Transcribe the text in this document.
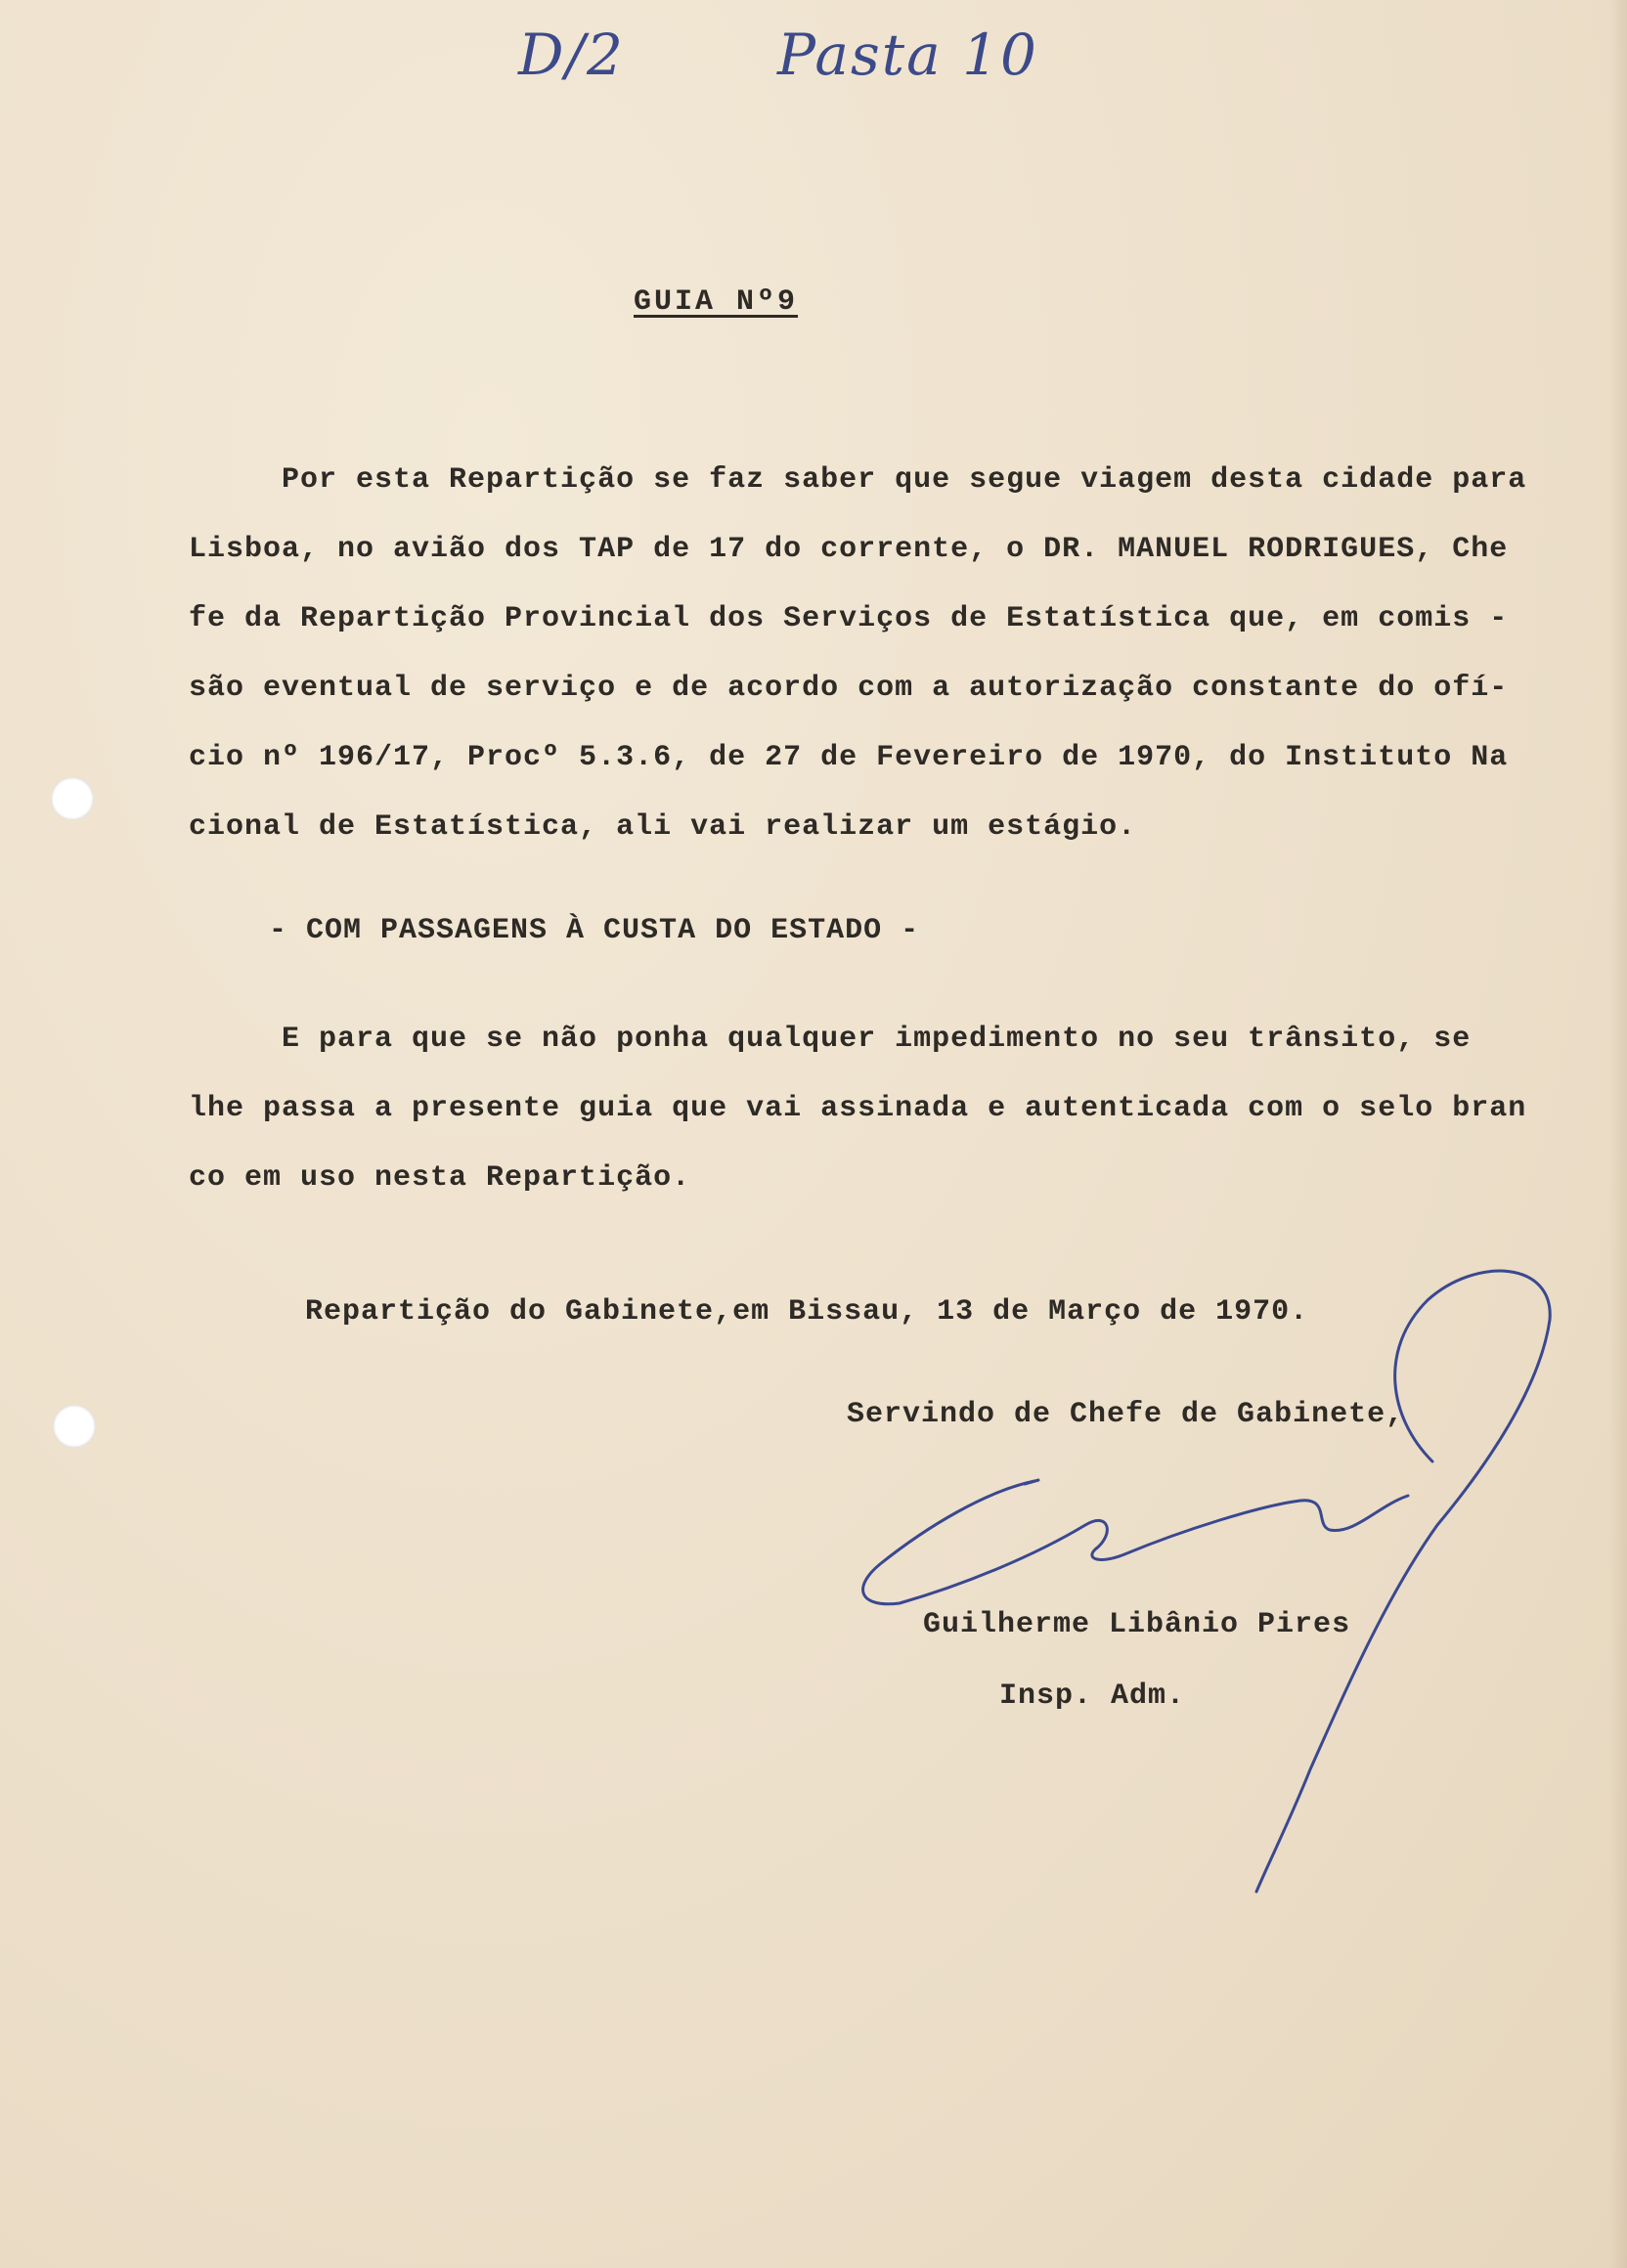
D/2	Pasta 10
GUIA Nº9
Por esta Repartição se faz saber que segue viagem desta cidade para
Lisboa, no avião dos TAP de 17 do corrente, o DR. MANUEL RODRIGUES, Che
fe da Repartição Provincial dos Serviços de Estatística que, em comis -
são eventual de serviço e de acordo com a autorização constante do ofí-
cio nº 196/17, Procº 5.3.6, de 27 de Fevereiro de 1970, do Instituto Na
cional de Estatística, ali vai realizar um estágio.
- COM PASSAGENS À CUSTA DO ESTADO -
E para que se não ponha qualquer impedimento no seu trânsito, se
lhe passa a presente guia que vai assinada e autenticada com o selo bran
co em uso nesta Repartição.
Repartição do Gabinete,em Bissau, 13 de Março de 1970.
Servindo de Chefe de Gabinete,
Guilherme Libânio Pires
Insp. Adm.
